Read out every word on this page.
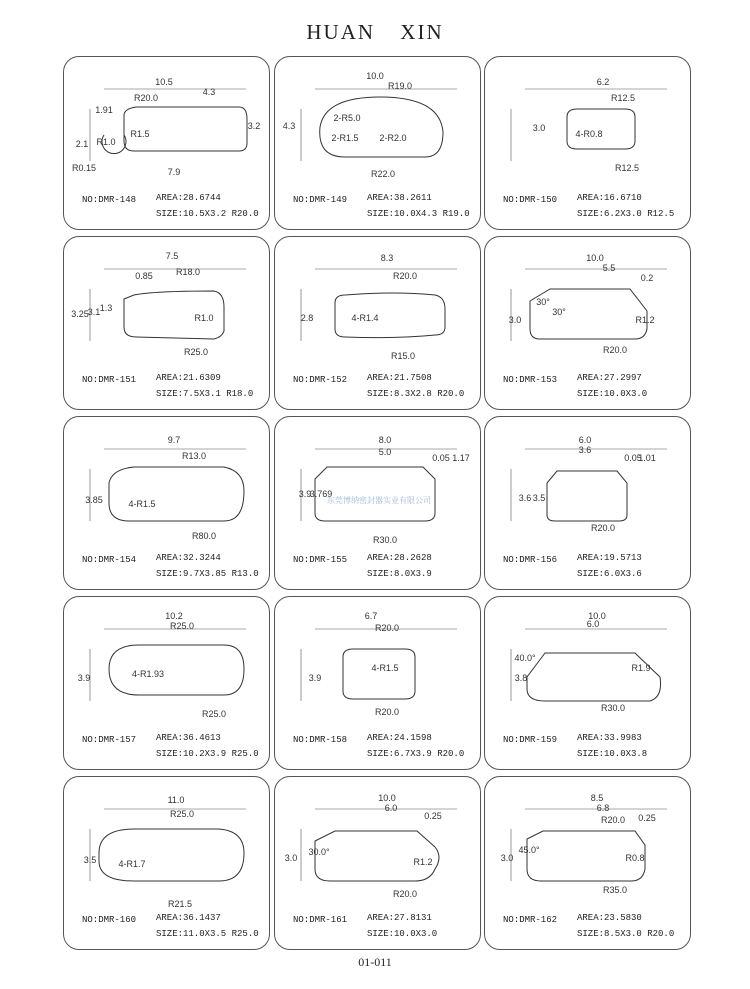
HUAN XIN
10.5
4.3
R20.0
1.91
R1.0
R1.5
2.1
R0.15	7.9
3.2
NO:DMR-148 AREA:28.6744
SIZE:10.5X3.2 R20.0
10.0
R19.0
2-R5.0
2-R1.5 2-R2.0
R22.0
4.3
NO:DMR-149 AREA:38.2611
SIZE:10.0X4.3 R19.0
6.2
R12.5
4-R0.8
R12.5
3.0
NO:DMR-150 AREA:16.6710
SIZE:6.2X3.0 R12.5
7.5
0.85	R18.0
3.25
3.1 1.3
R1.0
R25.0
NO:DMR-151 AREA:21.6309
SIZE:7.5X3.1 R18.0
8.3
R20.0
4-R1.4
2.8
R15.0
NO:DMR-152 AREA:21.7508
SIZE:8.3X2.8 R20.0
10.0
5.5
0.2
30°
30°
3.0	R1.2
R20.0
NO:DMR-153 AREA:27.2997
SIZE:10.0X3.0
9.7
R13.0
4-R1.5
3.85
R80.0
NO:DMR-154 AREA:32.3244
SIZE:9.7X3.85 R13.0
8.0
5.0
0.05 1.17
3.9
3.769
R30.0
东莞博纳密封器实业有限公司
NO:DMR-155 AREA:28.2628
SIZE:8.0X3.9
6.0
3.6
0.05
1.01
3.6 3.5
R20.0
NO:DMR-156 AREA:19.5713
SIZE:6.0X3.6
10.2
R25.0
4-R1.93
3.9
R25.0
NO:DMR-157 AREA:36.4613
SIZE:10.2X3.9 R25.0
6.7
R20.0
4-R1.5
3.9
R20.0
NO:DMR-158 AREA:24.1598
SIZE:6.7X3.9 R20.0
10.0
6.0
40.0°
R1.9
3.8
R30.0
NO:DMR-159 AREA:33.9983
SIZE:10.0X3.8
11.0
R25.0
4-R1.7
3.5
R21.5
NO:DMR-160 AREA:36.1437
SIZE:11.0X3.5 R25.0
10.0
6.0
0.25
30.0°
3.0	R1.2
R20.0
NO:DMR-161 AREA:27.8131
SIZE:10.0X3.0
8.5
6.8
R20.0 0.25
45.0°
3.0	R0.8
R35.0
NO:DMR-162 AREA:23.5830
SIZE:8.5X3.0 R20.0
01-011
